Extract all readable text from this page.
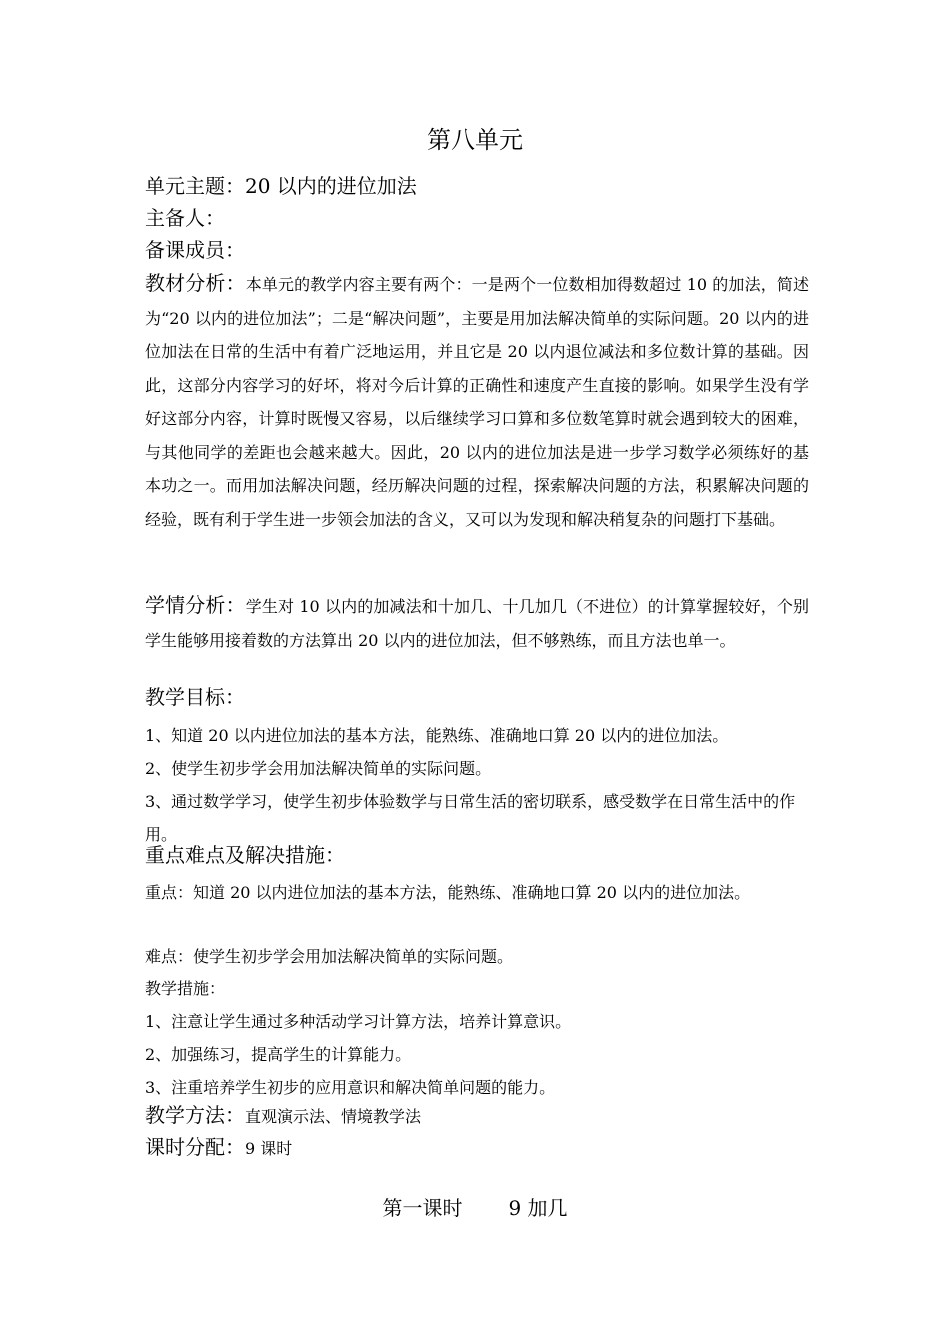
第八单元
单元主题：20 以内的进位加法
主备人：
备课成员：

教材分析：本单元的教学内容主要有两个：一是两个一位数相加得数超过 10 的加法，简述为“20 以内的进位加法”；二是“解决问题”，主要是用加法解决简单的实际问题。20 以内的进位加法在日常的生活中有着广泛地运用，并且它是 20 以内退位减法和多位数计算的基础。因此，这部分内容学习的好坏，将对今后计算的正确性和速度产生直接的影响。如果学生没有学好这部分内容，计算时既慢又容易，以后继续学习口算和多位数笔算时就会遇到较大的困难，与其他同学的差距也会越来越大。因此，20 以内的进位加法是进一步学习数学必须练好的基本功之一。而用加法解决问题，经历解决问题的过程，探索解决问题的方法，积累解决问题的经验，既有利于学生进一步领会加法的含义，又可以为发现和解决稍复杂的问题打下基础。

学情分析：学生对 10 以内的加减法和十加几、十几加几（不进位）的计算掌握较好，个别学生能够用接着数的方法算出 20 以内的进位加法，但不够熟练，而且方法也单一。

教学目标：
1、知道 20 以内进位加法的基本方法，能熟练、准确地口算 20 以内的进位加法。
2、使学生初步学会用加法解决简单的实际问题。
3、通过数学学习，使学生初步体验数学与日常生活的密切联系，感受数学在日常生活中的作用。
重点难点及解决措施：
重点：知道 20 以内进位加法的基本方法，能熟练、准确地口算 20 以内的进位加法。
难点：使学生初步学会用加法解决简单的实际问题。
教学措施：
1、注意让学生通过多种活动学习计算方法，培养计算意识。
2、加强练习，提高学生的计算能力。
3、注重培养学生初步的应用意识和解决简单问题的能力。
教学方法：直观演示法、情境教学法
课时分配：9 课时
第一课时 9 加几
